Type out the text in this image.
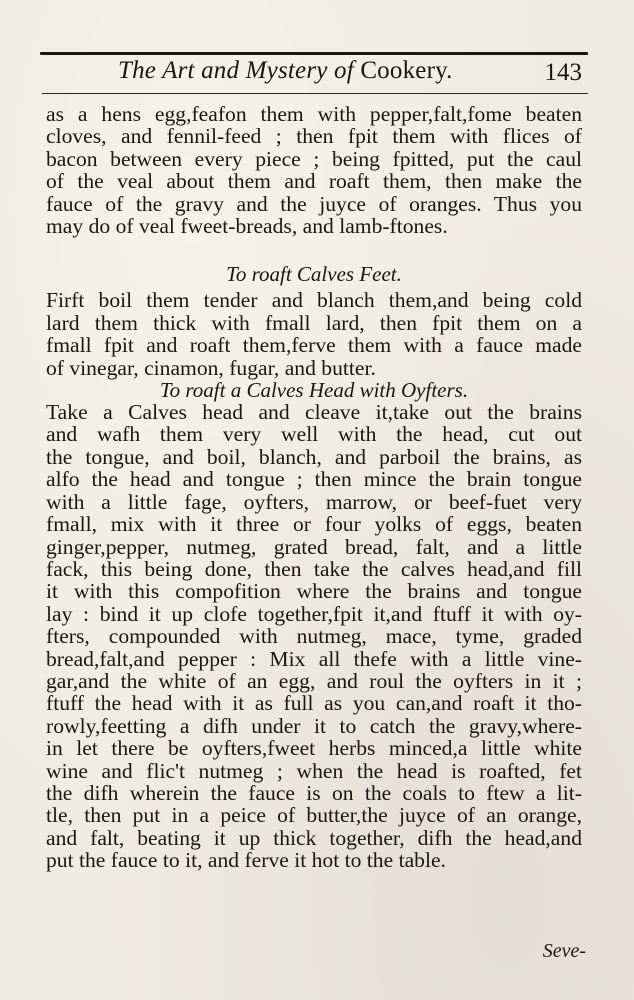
The Art and Mystery of Cookery.	143
as a hens egg,feafon them with pepper,falt,fome beaten
cloves, and fennil-feed ; then fpit them with flices of
bacon between every piece ; being fpitted, put the caul
of the veal about them and roaft them, then make the
fauce of the gravy and the juyce of oranges. Thus you
may do of veal fweet-breads, and lamb-ftones.
To roaft Calves Feet.
Firft boil them tender and blanch them,and being cold
lard them thick with fmall lard, then fpit them on a
fmall fpit and roaft them,ferve them with a fauce made
of vinegar, cinamon, fugar, and butter.
To roaft a Calves Head with Oyfters.
Take a Calves head and cleave it,take out the brains
and wafh them very well with the head, cut out
the tongue, and boil, blanch, and parboil the brains, as
alfo the head and tongue ; then mince the brain tongue
with a little fage, oyfters, marrow, or beef-fuet very
fmall, mix with it three or four yolks of eggs, beaten
ginger,pepper, nutmeg, grated bread, falt, and a little
fack, this being done, then take the calves head,and fill
it with this compofition where the brains and tongue
lay : bind it up clofe together,fpit it,and ftuff it with oy-
fters, compounded with nutmeg, mace, tyme, graded
bread,falt,and pepper : Mix all thefe with a little vine-
gar,and the white of an egg, and roul the oyfters in it ;
ftuff the head with it as full as you can,and roaft it tho-
rowly,feetting a difh under it to catch the gravy,where-
in let there be oyfters,fweet herbs minced,a little white
wine and flic't nutmeg ; when the head is roafted, fet
the difh wherein the fauce is on the coals to ftew a lit-
tle, then put in a peice of butter,the juyce of an orange,
and falt, beating it up thick together, difh the head,and
put the fauce to it, and ferve it hot to the table.
Seve-
